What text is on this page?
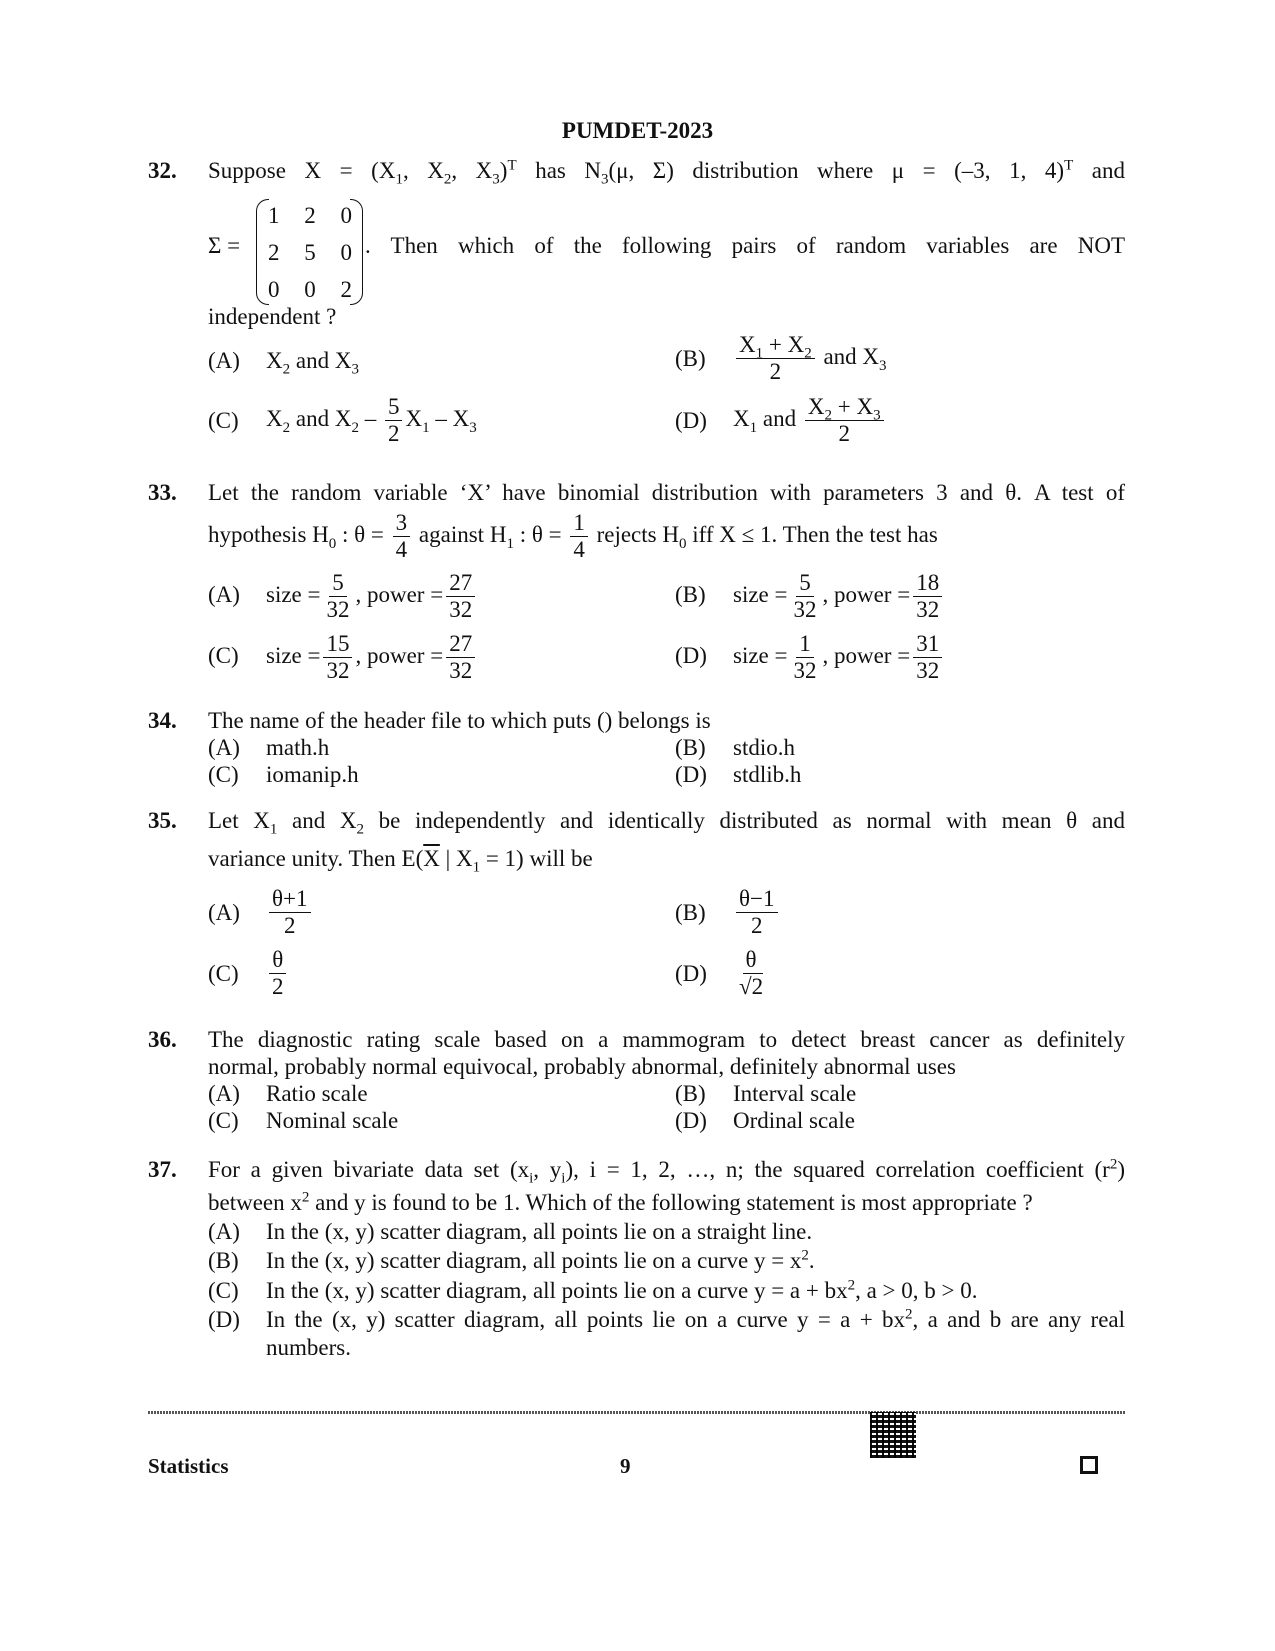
PUMDET-2023
32. Suppose $X = (X_1$, $X_2$, $X_3)^T$ has $N_3(\mu$, Σ) distribution where μ = (–3, 1, 4)$^T$ and
Σ =
1 2 0
2 5 0
0 0 2
. Then which of the following pairs of random variables are NOT
independent ?
(A) $X_2$ and $X_3$	$(B) \frac{X_1 + X_2}{2}$ and $X_3$
(C) $X_2$ and $X_2 - \frac{5}{2} X_1 - X_3$	(D) $X_1$ and $\frac{X_2 + X_3}{2}$
33. Let the random variable ‘X’ have binomial distribution with parameters 3 and θ. A test of
hypothesis $H_0$ : $\theta = \frac{3}{4}$ against $H_1$ : $\theta = \frac{1}{4}$ rejects $H_0$ iff X ≤ 1. Then the test has
(A) size = $\frac{5}{32}$ , power = $\frac{27}{32}$	(B) size = $\frac{5}{32}$ , power = $\frac{18}{32}$
(C) size = $\frac{15}{32}$ , power = $\frac{27}{32}$	(D) size = $\frac{1}{32}$ , power = $\frac{31}{32}$
34. The name of the header file to which puts () belongs is
(A) math.h	(B) stdio.h
(C) iomanip.h	(D) stdlib.h
35. Let $X_1$ and $X_2$ be independently and identically distributed as normal with mean θ and
variance unity. Then $E(\overline{X}$ | $X_1 = 1$) will be
$(A) \frac{\theta+1}{2}$	$(B) \frac{\theta-1}{2}$
$(C) \frac{\theta}{2}$	$(D) \frac{\theta}{√2}$
36. The diagnostic rating scale based on a mammogram to detect breast cancer as definitely
normal, probably normal equivocal, probably abnormal, definitely abnormal uses
(A) Ratio scale	(B) Interval scale
(C) Nominal scale	(D) Ordinal scale
37. For a given bivariate data set ($x_i$, $y_i$), i = 1, 2, …, n; the squared correlation coefficient $(r^2)$
between $x^2$ and y is found to be 1. Which of the following statement is most appropriate ?
(A) In the (x, y) scatter diagram, all points lie on a straight line.
(B) In the (x, y) scatter diagram, all points lie on a curve $y = x^2$.
(C) In the (x, y) scatter diagram, all points lie on a curve $y = a + bx^2$, a > 0, b > 0.
(D) In the (x, y) scatter diagram, all points lie on a curve $y = a + bx^2$, a and b are any real
numbers.
Statistics	9
